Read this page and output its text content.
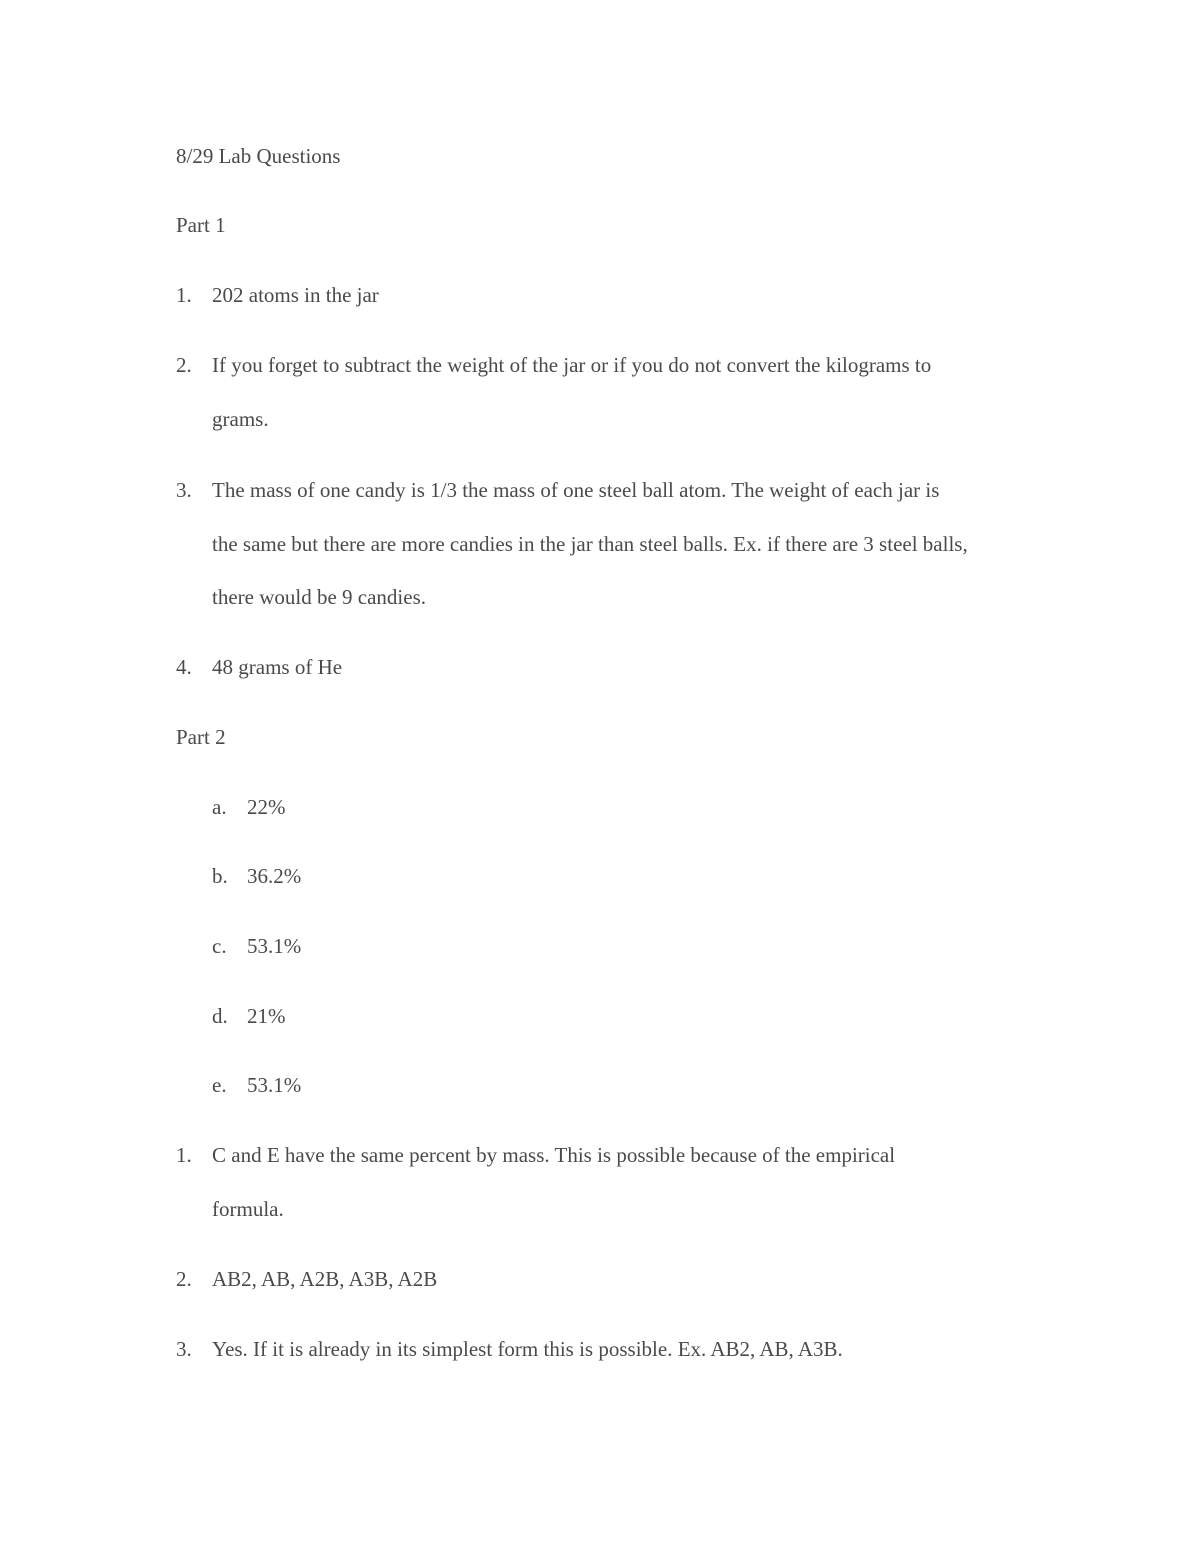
8/29 Lab Questions
Part 1
1. 202 atoms in the jar
2. If you forget to subtract the weight of the jar or if you do not convert the kilograms to
grams.
3. The mass of one candy is 1/3 the mass of one steel ball atom. The weight of each jar is
the same but there are more candies in the jar than steel balls. Ex. if there are 3 steel balls,
there would be 9 candies.
4. 48 grams of He
Part 2
a. 22%
b. 36.2%
c. 53.1%
d. 21%
e. 53.1%
1. C and E have the same percent by mass. This is possible because of the empirical
formula.
2. AB2, AB, A2B, A3B, A2B
3. Yes. If it is already in its simplest form this is possible. Ex. AB2, AB, A3B.
